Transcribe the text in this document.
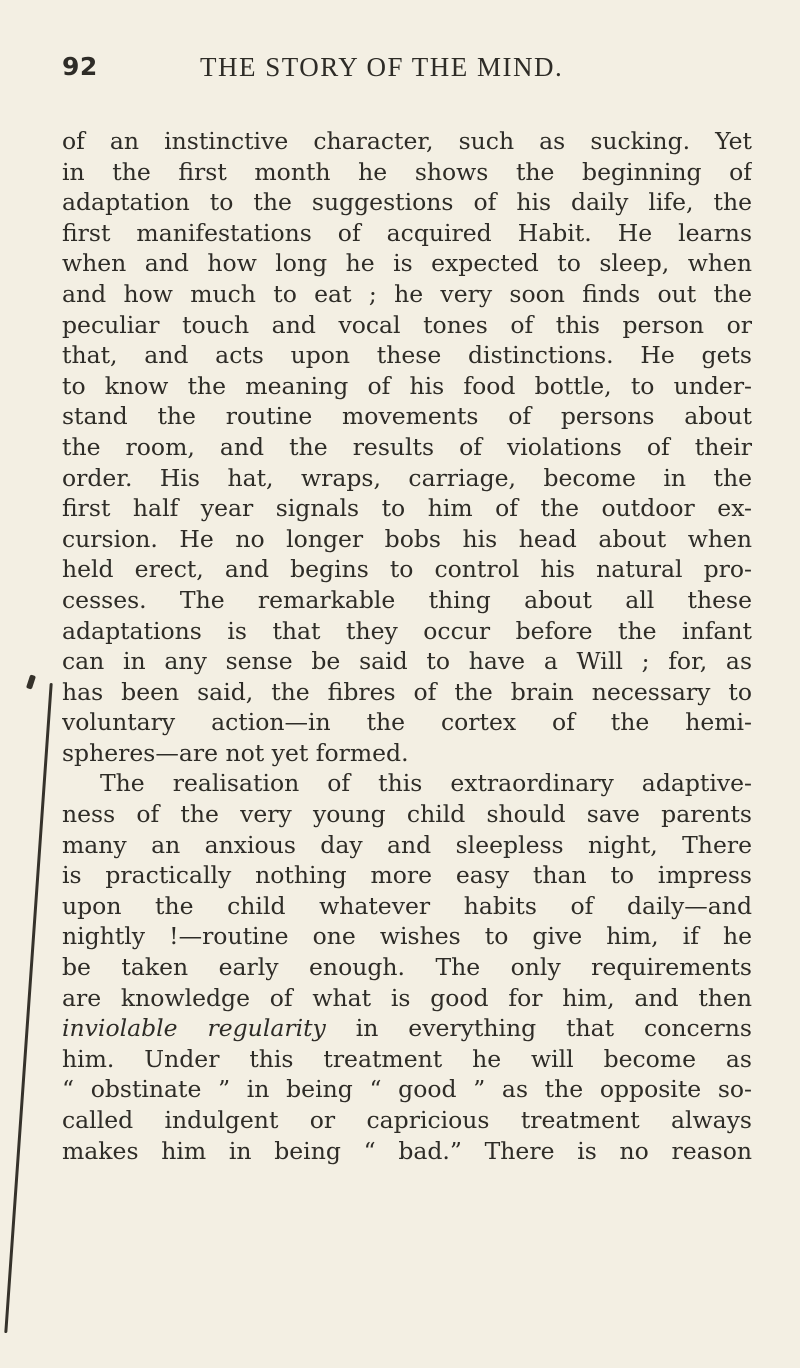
92	THE STORY OF THE MIND.
of an instinctive character, such as sucking. Yet
in the first month he shows the beginning of
adaptation to the suggestions of his daily life, the
first manifestations of acquired Habit. He learns
when and how long he is expected to sleep, when
and how much to eat ; he very soon finds out the
peculiar touch and vocal tones of this person or
that, and acts upon these distinctions. He gets
to know the meaning of his food bottle, to under-
stand the routine movements of persons about
the room, and the results of violations of their
order. His hat, wraps, carriage, become in the
first half year signals to him of the outdoor ex-
cursion. He no longer bobs his head about when
held erect, and begins to control his natural pro-
cesses. The remarkable thing about all these
adaptations is that they occur before the infant
can in any sense be said to have a Will ; for, as
has been said, the fibres of the brain necessary to
voluntary action—in the cortex of the hemi-
spheres—are not yet formed.
The realisation of this extraordinary adaptive-
ness of the very young child should save parents
many an anxious day and sleepless night, There
is practically nothing more easy than to impress
upon the child whatever habits of daily—and
nightly !—routine one wishes to give him, if he
be taken early enough. The only requirements
are knowledge of what is good for him, and then
inviolable regularity in everything that concerns
him. Under this treatment he will become as
“ obstinate ” in being “ good ” as the opposite so-
called indulgent or capricious treatment always
makes him in being “ bad.” There is no reason
